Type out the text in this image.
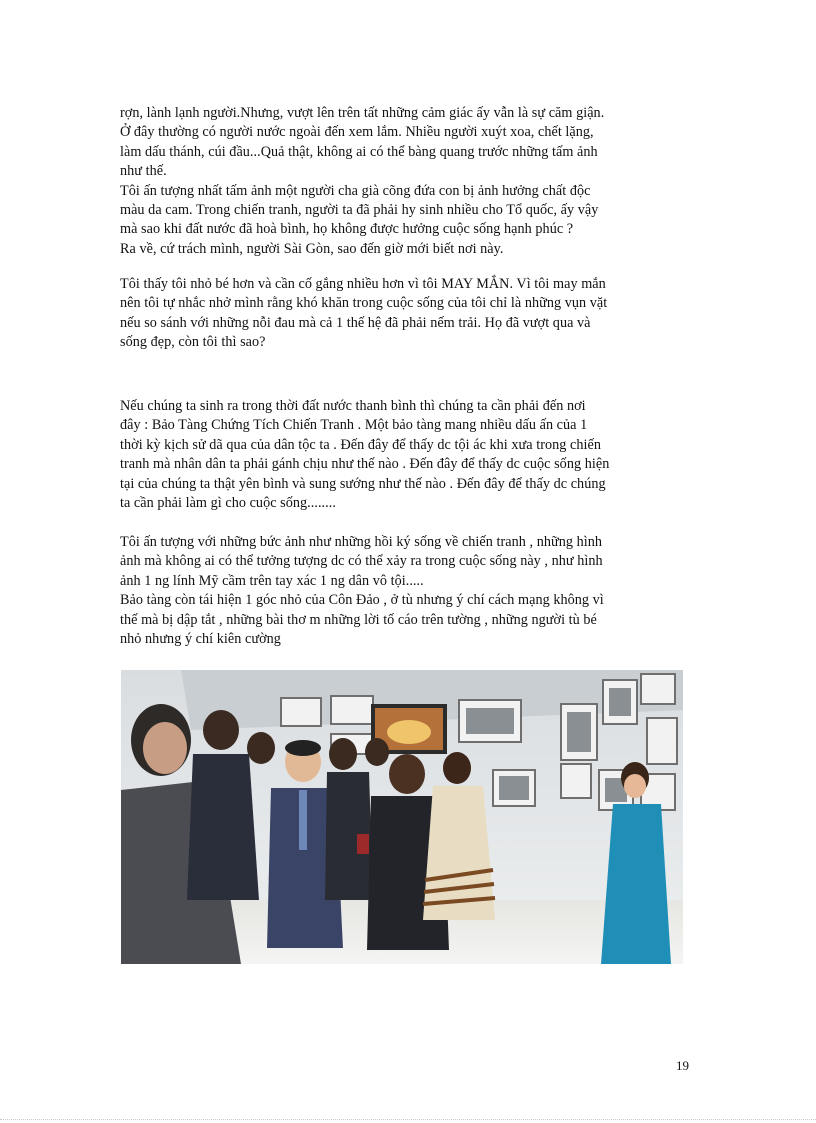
rợn, lành lạnh người.Nhưng, vượt lên trên tất những cảm giác ấy vẫn là sự căm giận.

Ở đây thường có người nước ngoài đến xem lắm. Nhiều người xuýt xoa, chết lặng,

làm dấu thánh, cúi đầu...Quả thật, không ai có thể bàng quang trước những tấm ảnh

như thế.

Tôi ấn tượng nhất tấm ảnh một người cha già cõng đứa con bị ảnh hưởng chất độc

màu da cam. Trong chiến tranh, người ta đã phải hy sinh nhiều cho Tổ quốc, ấy vậy

mà sao khi đất nước đã hoà bình, họ không được hưởng cuộc sống hạnh phúc ?

Ra về, cứ trách mình, người Sài Gòn, sao đến giờ mới biết nơi này.

Tôi thấy tôi nhỏ bé hơn và cần cố gắng nhiều hơn vì tôi MAY MẮN. Vì tôi may mắn

nên tôi tự nhắc nhở mình rằng khó khăn trong cuộc sống của tôi chỉ là những vụn vặt

nếu so sánh với những nỗi đau mà cả 1 thế hệ đã phải nếm trải. Họ đã vượt qua và

sống đẹp, còn tôi thì sao?

Nếu chúng ta sinh ra trong thời đất nước thanh bình thì chúng ta cần phải đến nơi

đây : Bảo Tàng Chứng Tích Chiến Tranh . Một bảo tàng mang nhiều dấu ấn của 1

thời kỳ kịch sử dã qua của dân tộc ta . Đến đây để thấy dc tội ác khi xưa trong chiến

tranh mà nhân dân ta phải gánh chịu như thế nào . Đến đây để thấy dc cuộc sống hiện

tại của chúng ta thật yên bình và sung sướng như thế nào . Đến đây để thấy dc chúng

ta cần phải làm gì cho cuộc sống........

Tôi ấn tượng với những bức ảnh như những hồi ký sống về chiến tranh , những hình

ảnh mà không ai có thể tưởng tượng dc có thể xảy ra trong cuộc sống này , như hình

ảnh 1 ng lính Mỹ cầm trên tay xác 1 ng dân vô tội.....

Bảo tàng còn tái hiện 1 góc nhỏ của Côn Đảo , ở tù nhưng ý chí cách mạng không vì

thế mà bị dập tắt , những bài thơ m những lời tố cáo trên tường , những người tù bé

nhỏ nhưng ý chí kiên cường

19
